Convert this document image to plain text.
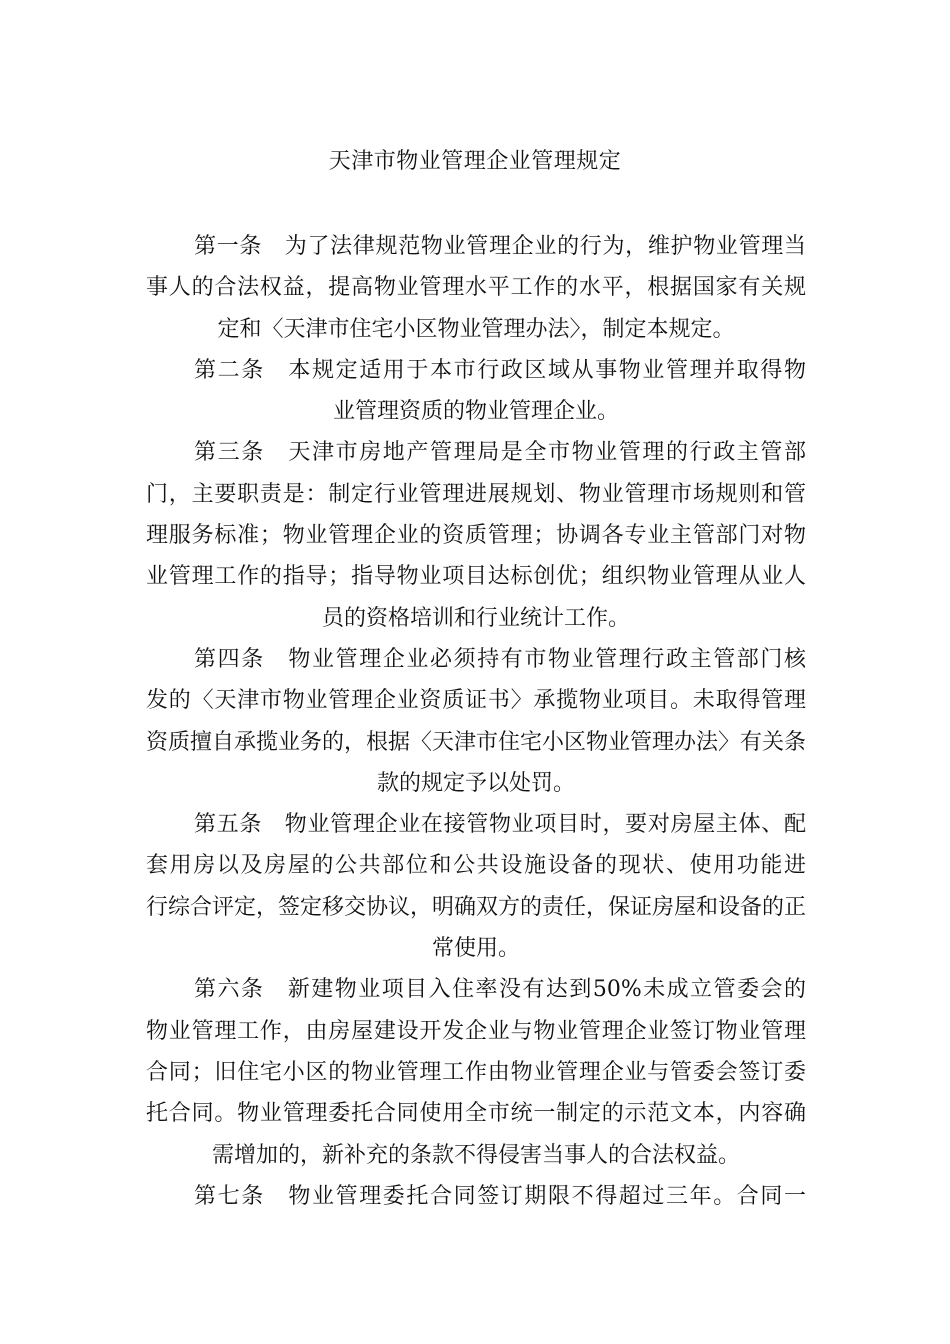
天津市物业管理企业管理规定
第一条　为了法律规范物业管理企业的行为，维护物业管理当
事人的合法权益，提高物业管理水平工作的水平，根据国家有关规
定和〈天津市住宅小区物业管理办法〉，制定本规定。
第二条　本规定适用于本市行政区域从事物业管理并取得物
业管理资质的物业管理企业。
第三条　天津市房地产管理局是全市物业管理的行政主管部
门，主要职责是：制定行业管理进展规划、物业管理市场规则和管
理服务标准；物业管理企业的资质管理；协调各专业主管部门对物
业管理工作的指导；指导物业项目达标创优；组织物业管理从业人
员的资格培训和行业统计工作。
第四条　物业管理企业必须持有市物业管理行政主管部门核
发的〈天津市物业管理企业资质证书〉承揽物业项目。未取得管理
资质擅自承揽业务的，根据〈天津市住宅小区物业管理办法〉有关条
款的规定予以处罚。
第五条　物业管理企业在接管物业项目时，要对房屋主体、配
套用房以及房屋的公共部位和公共设施设备的现状、使用功能进
行综合评定，签定移交协议，明确双方的责任，保证房屋和设备的正
常使用。
第六条　新建物业项目入住率没有达到50%未成立管委会的
物业管理工作，由房屋建设开发企业与物业管理企业签订物业管理
合同；旧住宅小区的物业管理工作由物业管理企业与管委会签订委
托合同。物业管理委托合同使用全市统一制定的示范文本，内容确
需增加的，新补充的条款不得侵害当事人的合法权益。
第七条　物业管理委托合同签订期限不得超过三年。合同一
